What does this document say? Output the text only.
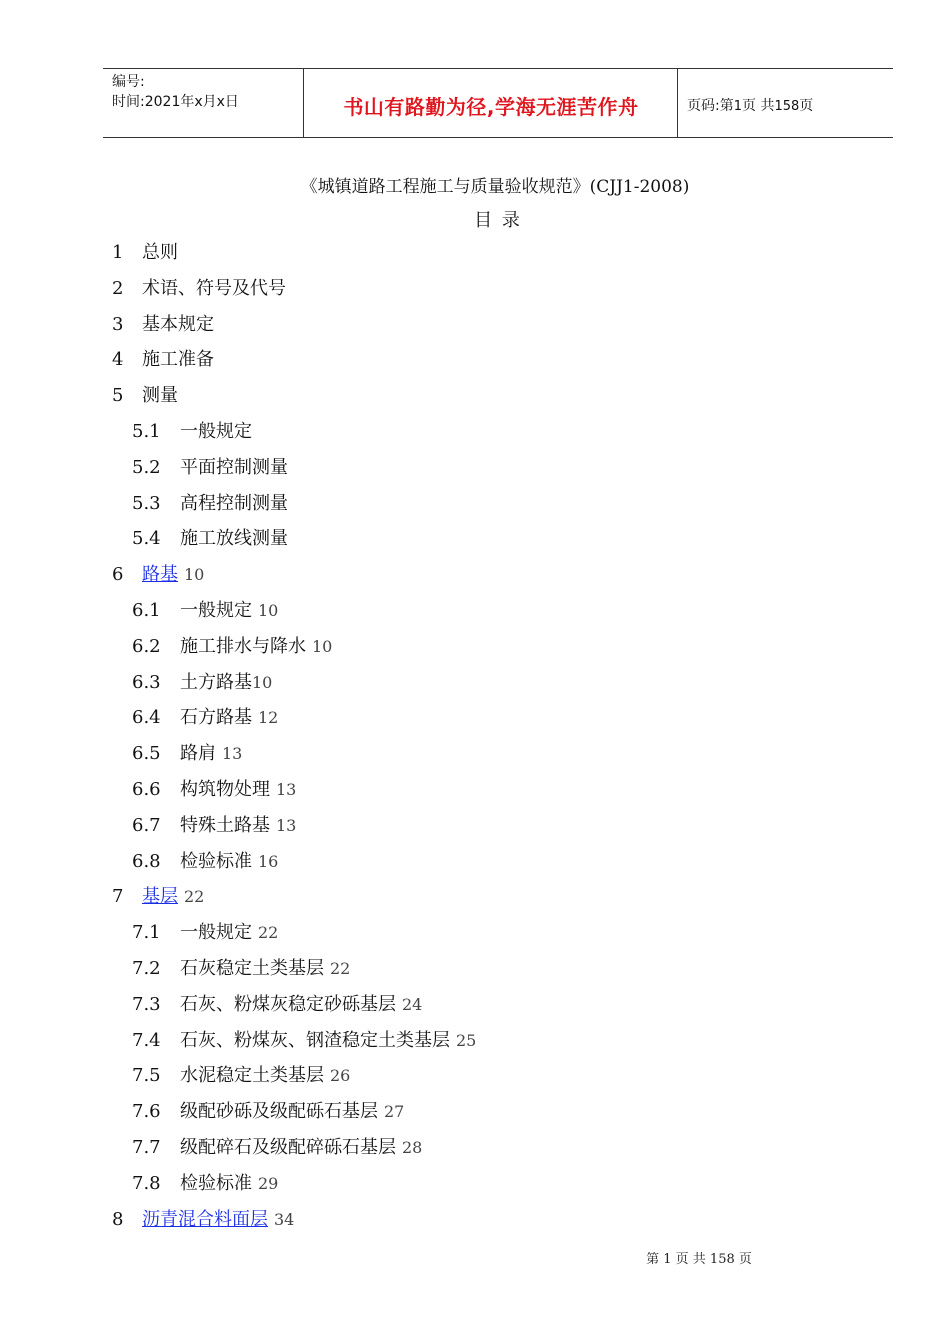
编号:
时间:2021年x月x日	书山有路勤为径,学海无涯苦作舟	页码:第1页 共158页
《城镇道路工程施工与质量验收规范》(CJJ1-2008)
目 录
1 总则
2 术语、符号及代号
3 基本规定
4 施工准备
5 测量
5.1 一般规定
5.2 平面控制测量
5.3 高程控制测量
5.4 施工放线测量
6 路基 10
6.1 一般规定 10
6.2 施工排水与降水 10
6.3 土方路基10
6.4 石方路基 12
6.5 路肩 13
6.6 构筑物处理 13
6.7 特殊土路基 13
6.8 检验标准 16
7 基层 22
7.1 一般规定 22
7.2 石灰稳定土类基层 22
7.3 石灰、粉煤灰稳定砂砾基层 24
7.4 石灰、粉煤灰、钢渣稳定土类基层 25
7.5 水泥稳定土类基层 26
7.6 级配砂砾及级配砾石基层 27
7.7 级配碎石及级配碎砾石基层 28
7.8 检验标准 29
8 沥青混合料面层 34
第 1 页 共 158 页
